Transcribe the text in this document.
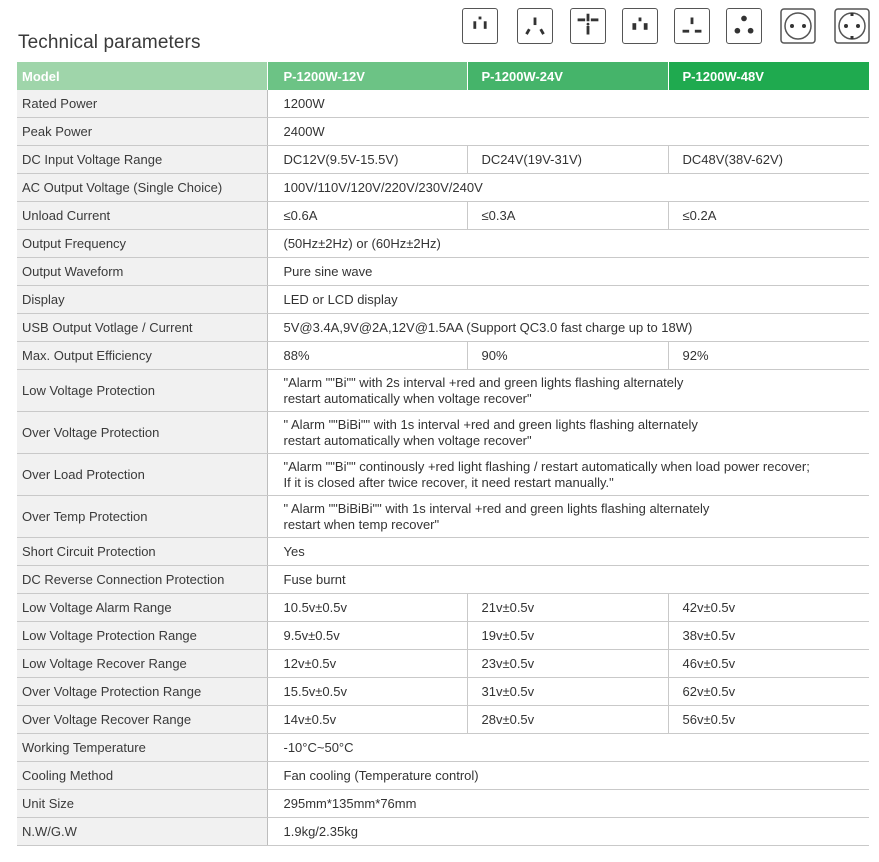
Technical parameters
Model	P-1200W-12V	P-1200W-24V	P-1200W-48V
Rated Power	1200W		
Peak Power	2400W		
DC Input Voltage Range	DC12V(9.5V-15.5V)	DC24V(19V-31V)	DC48V(38V-62V)
AC Output Voltage (Single Choice)	100V/110V/120V/220V/230V/240V		
Unload Current	≤0.6A	≤0.3A	≤0.2A
Output Frequency	(50Hz±2Hz) or (60Hz±2Hz)		
Output Waveform	Pure sine wave		
Display	LED or LCD display		
USB Output Votlage / Current	5V@3.4A,9V@2A,12V@1.5AA (Support QC3.0 fast charge up to 18W)		
Max. Output Efficiency	88%	90%	92%
Low Voltage Protection	"Alarm ""Bi"" with 2s interval +red and green lights flashing alternately
restart automatically when voltage recover"		

Over Voltage Protection	" Alarm ""BiBi"" with 1s interval +red and green lights flashing alternately
restart automatically when voltage recover"		

Over Load Protection	"Alarm ""Bi"" continously +red light flashing / restart automatically when load power recover;
If it is closed after twice recover, it need restart manually."		

Over Temp Protection	" Alarm ""BiBiBi"" with 1s interval +red and green lights flashing alternately
restart when temp recover"		

Short Circuit Protection	Yes		
DC Reverse Connection Protection	Fuse burnt		
Low Voltage Alarm Range	10.5v±0.5v	21v±0.5v	42v±0.5v
Low Voltage Protection Range	9.5v±0.5v	19v±0.5v	38v±0.5v
Low Voltage Recover Range	12v±0.5v	23v±0.5v	46v±0.5v
Over Voltage Protection Range	15.5v±0.5v	31v±0.5v	62v±0.5v
Over Voltage Recover Range	14v±0.5v	28v±0.5v	56v±0.5v
Working Temperature	-10°C~50°C		
Cooling Method	Fan cooling (Temperature control)		
Unit Size	295mm*135mm*76mm		
N.W/G.W	1.9kg/2.35kg		
